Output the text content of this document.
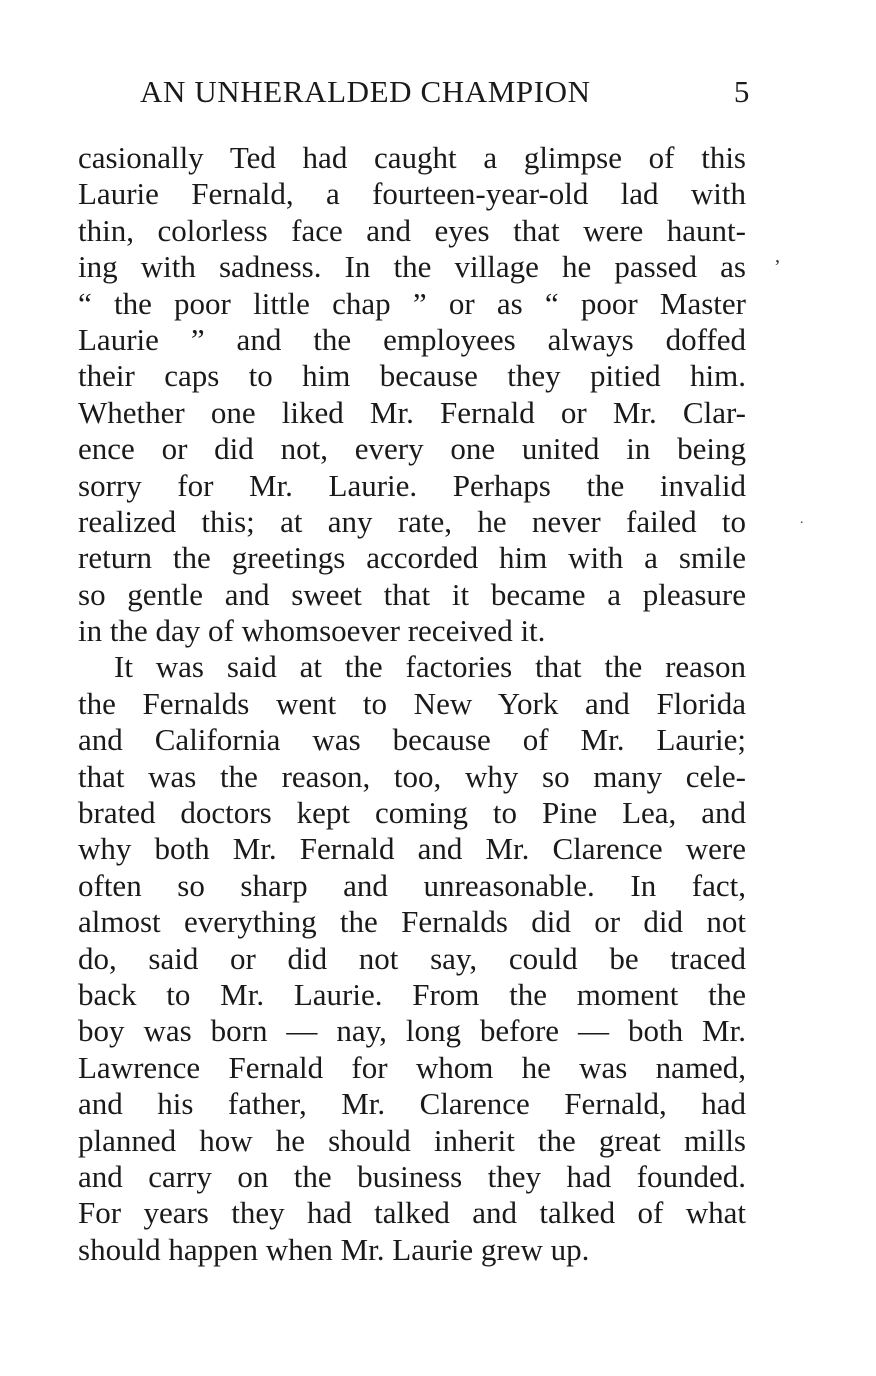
AN UNHERALDED CHAMPION	5
’
.
casionally Ted had caught a glimpse of this
Laurie Fernald, a fourteen-year-old lad with
thin, colorless face and eyes that were haunt-
ing with sadness. In the village he passed as
“ the poor little chap ” or as “ poor Master
Laurie ” and the employees always doffed
their caps to him because they pitied him.
Whether one liked Mr. Fernald or Mr. Clar-
ence or did not, every one united in being
sorry for Mr. Laurie. Perhaps the invalid
realized this; at any rate, he never failed to
return the greetings accorded him with a smile
so gentle and sweet that it became a pleasure
in the day of whomsoever received it.
It was said at the factories that the reason
the Fernalds went to New York and Florida
and California was because of Mr. Laurie;
that was the reason, too, why so many cele-
brated doctors kept coming to Pine Lea, and
why both Mr. Fernald and Mr. Clarence were
often so sharp and unreasonable. In fact,
almost everything the Fernalds did or did not
do, said or did not say, could be traced
back to Mr. Laurie. From the moment the
boy was born — nay, long before — both Mr.
Lawrence Fernald for whom he was named,
and his father, Mr. Clarence Fernald, had
planned how he should inherit the great mills
and carry on the business they had founded.
For years they had talked and talked of what
should happen when Mr. Laurie grew up.
